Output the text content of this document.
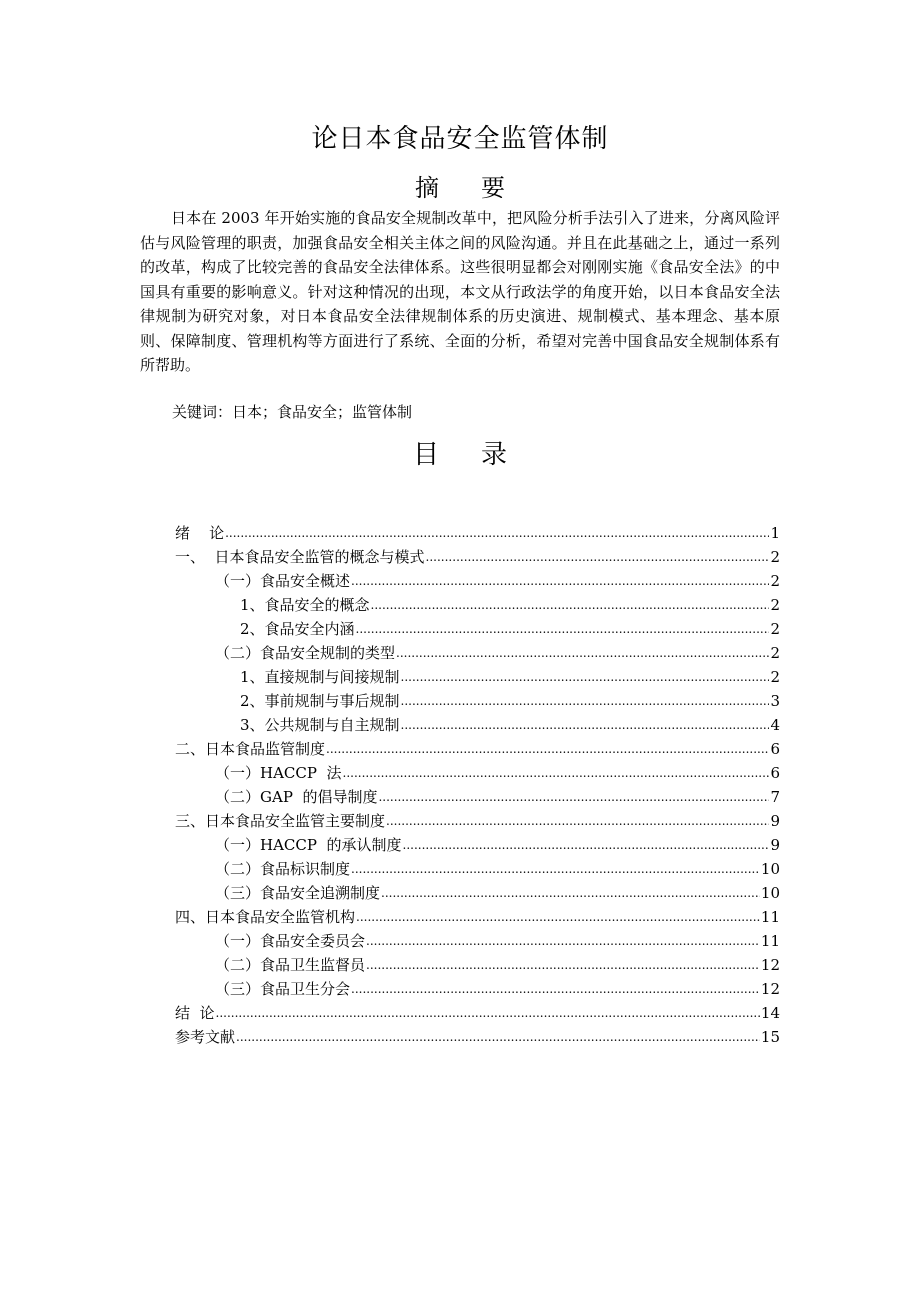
论日本食品安全监管体制
摘 要

日本在 2003 年开始实施的食品安全规制改革中，把风险分析手法引入了进来，分离风险评估与风险管理的职责，加强食品安全相关主体之间的风险沟通。并且在此基础之上，通过一系列的改革，构成了比较完善的食品安全法律体系。这些很明显都会对刚刚实施《食品安全法》的中国具有重要的影响意义。针对这种情况的出现，本文从行政法学的角度开始，以日本食品安全法律规制为研究对象，对日本食品安全法律规制体系的历史演进、规制模式、基本理念、基本原则、保障制度、管理机构等方面进行了系统、全面的分析，希望对完善中国食品安全规制体系有所帮助。

关键词：日本；食品安全；监管体制
目 录
绪    论 .....	1
一、  日本食品安全监管的概念与模式 .....	2
（一）食品安全概述 .....	2
1、食品安全的概念 .....	2
2、食品安全内涵 .....	2
（二）食品安全规制的类型 .....	2
1、直接规制与间接规制 .....	2
2、事前规制与事后规制 .....	3
3、公共规制与自主规制 .....	4
二、日本食品监管制度 .....	6
（一）HACCP  法 .....	6
（二）GAP  的倡导制度 .....	7
三、日本食品安全监管主要制度 .....	9
（一）HACCP  的承认制度 .....	9
（二）食品标识制度 .....	10
（三）食品安全追溯制度 .....	10
四、日本食品安全监管机构 .....	11
（一）食品安全委员会 .....	11
（二）食品卫生监督员 .....	12
（三）食品卫生分会 .....	12
结  论 .....	14
参考文献 .....	15
